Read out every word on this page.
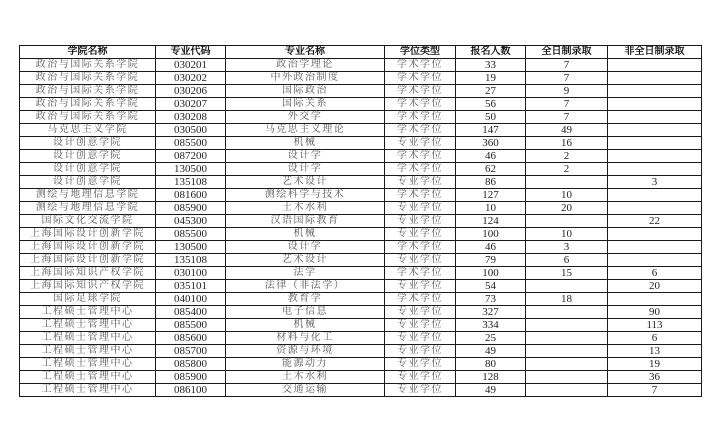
学院名称	专业代码	专业名称	学位类型	报名人数	全日制录取	非全日制录取
政治与国际关系学院	030201	政治学理论	学术学位	33	7	
政治与国际关系学院	030202	中外政治制度	学术学位	19	7	
政治与国际关系学院	030206	国际政治	学术学位	27	9	
政治与国际关系学院	030207	国际关系	学术学位	56	7	
政治与国际关系学院	030208	外交学	学术学位	50	7	
马克思主义学院	030500	马克思主义理论	学术学位	147	49	
设计创意学院	085500	机械	专业学位	360	16	
设计创意学院	087200	设计学	学术学位	46	2	
设计创意学院	130500	设计学	学术学位	62	2	
设计创意学院	135108	艺术设计	专业学位	86		3
测绘与地理信息学院	081600	测绘科学与技术	学术学位	127	10	
测绘与地理信息学院	085900	土木水利	专业学位	10	20	
国际文化交流学院	045300	汉语国际教育	专业学位	124		22
上海国际设计创新学院	085500	机械	专业学位	100	10	
上海国际设计创新学院	130500	设计学	学术学位	46	3	
上海国际设计创新学院	135108	艺术设计	专业学位	79	6	
上海国际知识产权学院	030100	法学	学术学位	100	15	6
上海国际知识产权学院	035101	法律（非法学）	专业学位	54		20
国际足球学院	040100	教育学	学术学位	73	18	
工程硕士管理中心	085400	电子信息	专业学位	327		90
工程硕士管理中心	085500	机械	专业学位	334		113
工程硕士管理中心	085600	材料与化工	专业学位	25		6
工程硕士管理中心	085700	资源与环境	专业学位	49		13
工程硕士管理中心	085800	能源动力	专业学位	80		19
工程硕士管理中心	085900	土木水利	专业学位	128		36
工程硕士管理中心	086100	交通运输	专业学位	49		7
